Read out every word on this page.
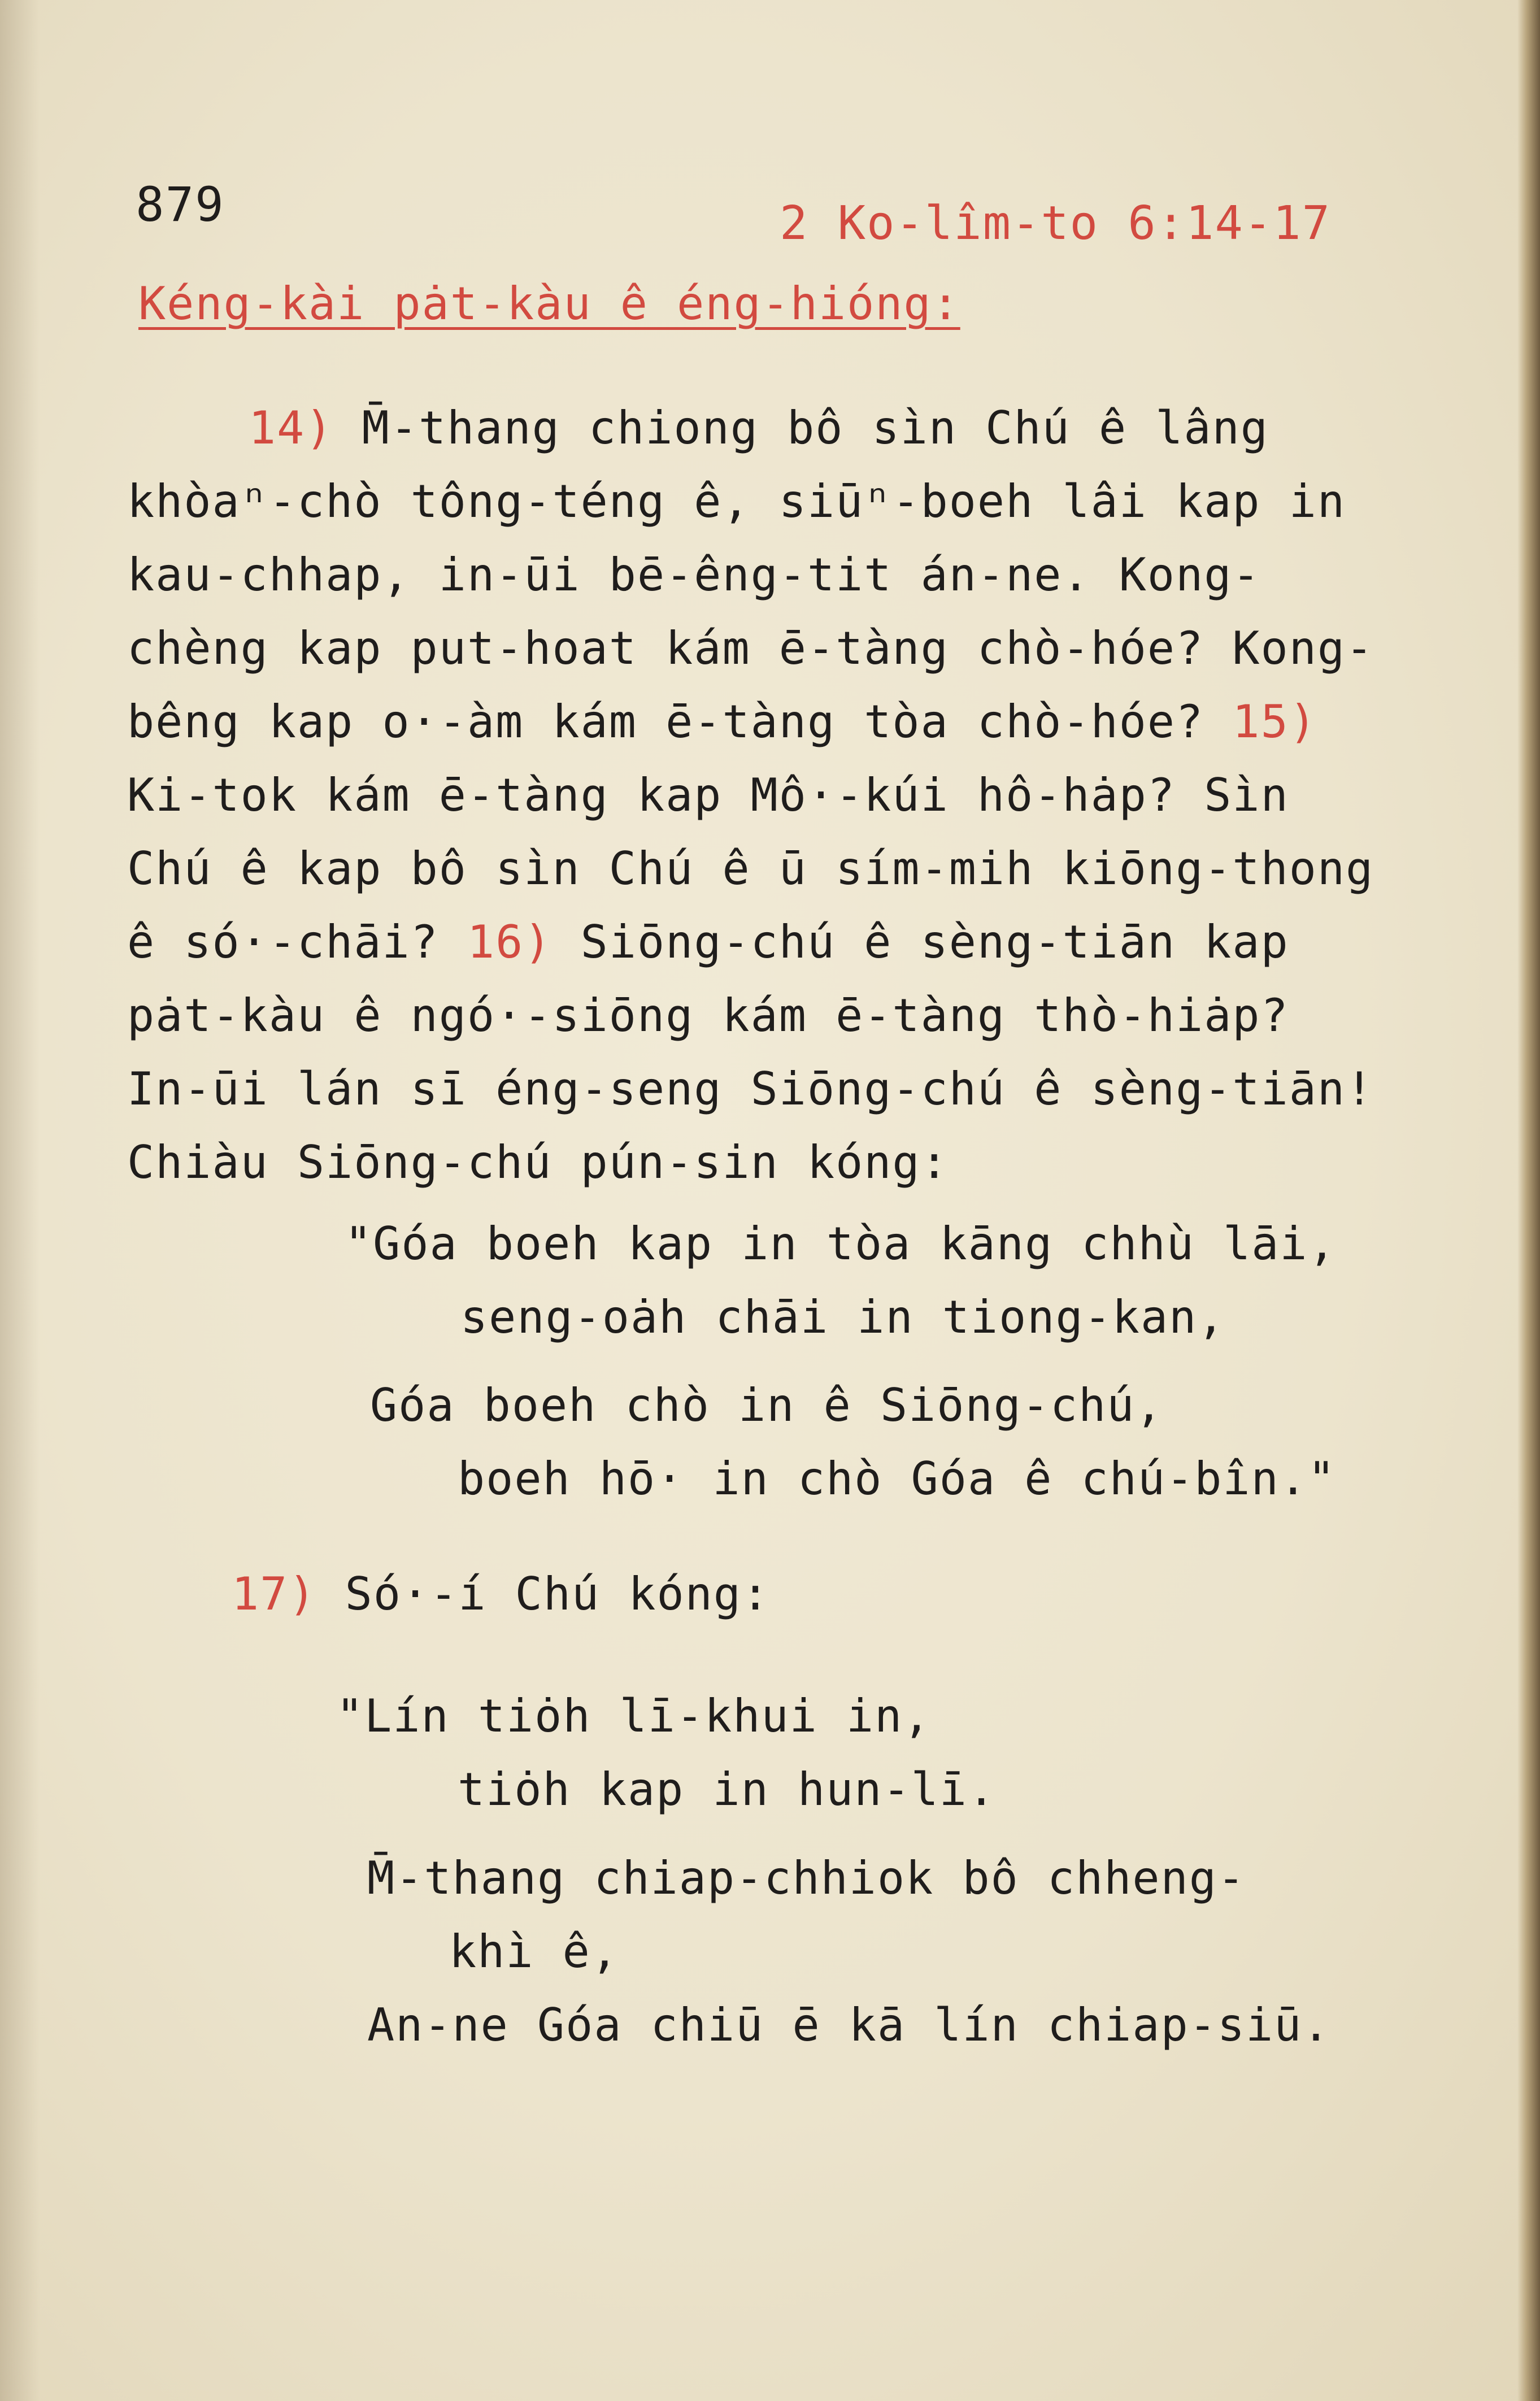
879	2 Ko-lîm-to 6:14-17
Kéng-kài pȧt-kàu ê éng-hióng:
14) M̄-thang chiong bô sìn Chú ê lâng
khòaⁿ-chò tông-téng ê, siūⁿ-boeh lâi kap in
kau-chhap, in-ūi bē-êng-tit án-ne. Kong-
chèng kap put-hoat kám ē-tàng chò-hóe? Kong-
bêng kap o·-àm kám ē-tàng tòa chò-hóe? 15)
Ki-tok kám ē-tàng kap Mô·-kúi hô-hȧp? Sìn
Chú ê kap bô sìn Chú ê ū sím-mih kiōng-thong
ê só·-chāi? 16) Siōng-chú ê sèng-tiān kap
pȧt-kàu ê ngó·-siōng kám ē-tàng thò-hiȧp?
In-ūi lán sī éng-seng Siōng-chú ê sèng-tiān!
Chiàu Siōng-chú pún-sin kóng:
"Góa boeh kap in tòa kāng chhù lāi,
seng-oȧh chāi in tiong-kan,
Góa boeh chò in ê Siōng-chú,
boeh hō· in chò Góa ê chú-bîn."
17) Só·-í Chú kóng:
"Lín tiȯh lī-khui in,
tiȯh kap in hun-lī.
M̄-thang chiap-chhiok bô chheng-
khì ê,
An-ne Góa chiū ē kā lín chiap-siū.
